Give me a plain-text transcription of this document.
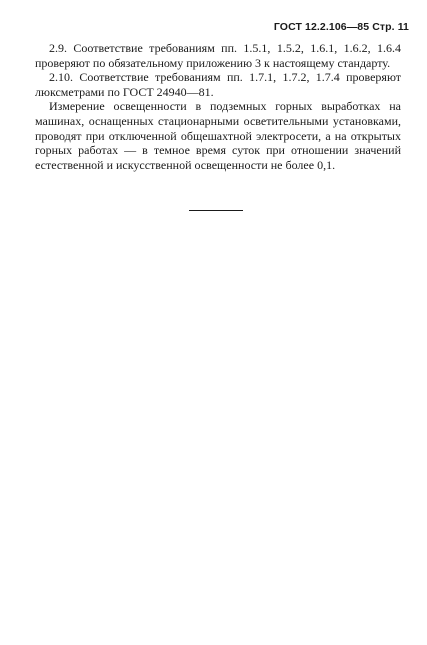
ГОСТ 12.2.106—85 Стр. 11

2.9. Соответствие требованиям пп. 1.5.1, 1.5.2, 1.6.1, 1.6.2, 1.6.4 проверяют по обязательному приложению 3 к настоящему стандарту.

2.10. Соответствие требованиям пп. 1.7.1, 1.7.2, 1.7.4 проверяют люксметрами по ГОСТ 24940—81.

Измерение освещенности в подземных горных выработках на машинах, оснащенных стационарными осветительными установками, проводят при отключенной общешахтной электросети, а на открытых горных работах — в темное время суток при отношении значений естественной и искусственной освещенности не более 0,1.
